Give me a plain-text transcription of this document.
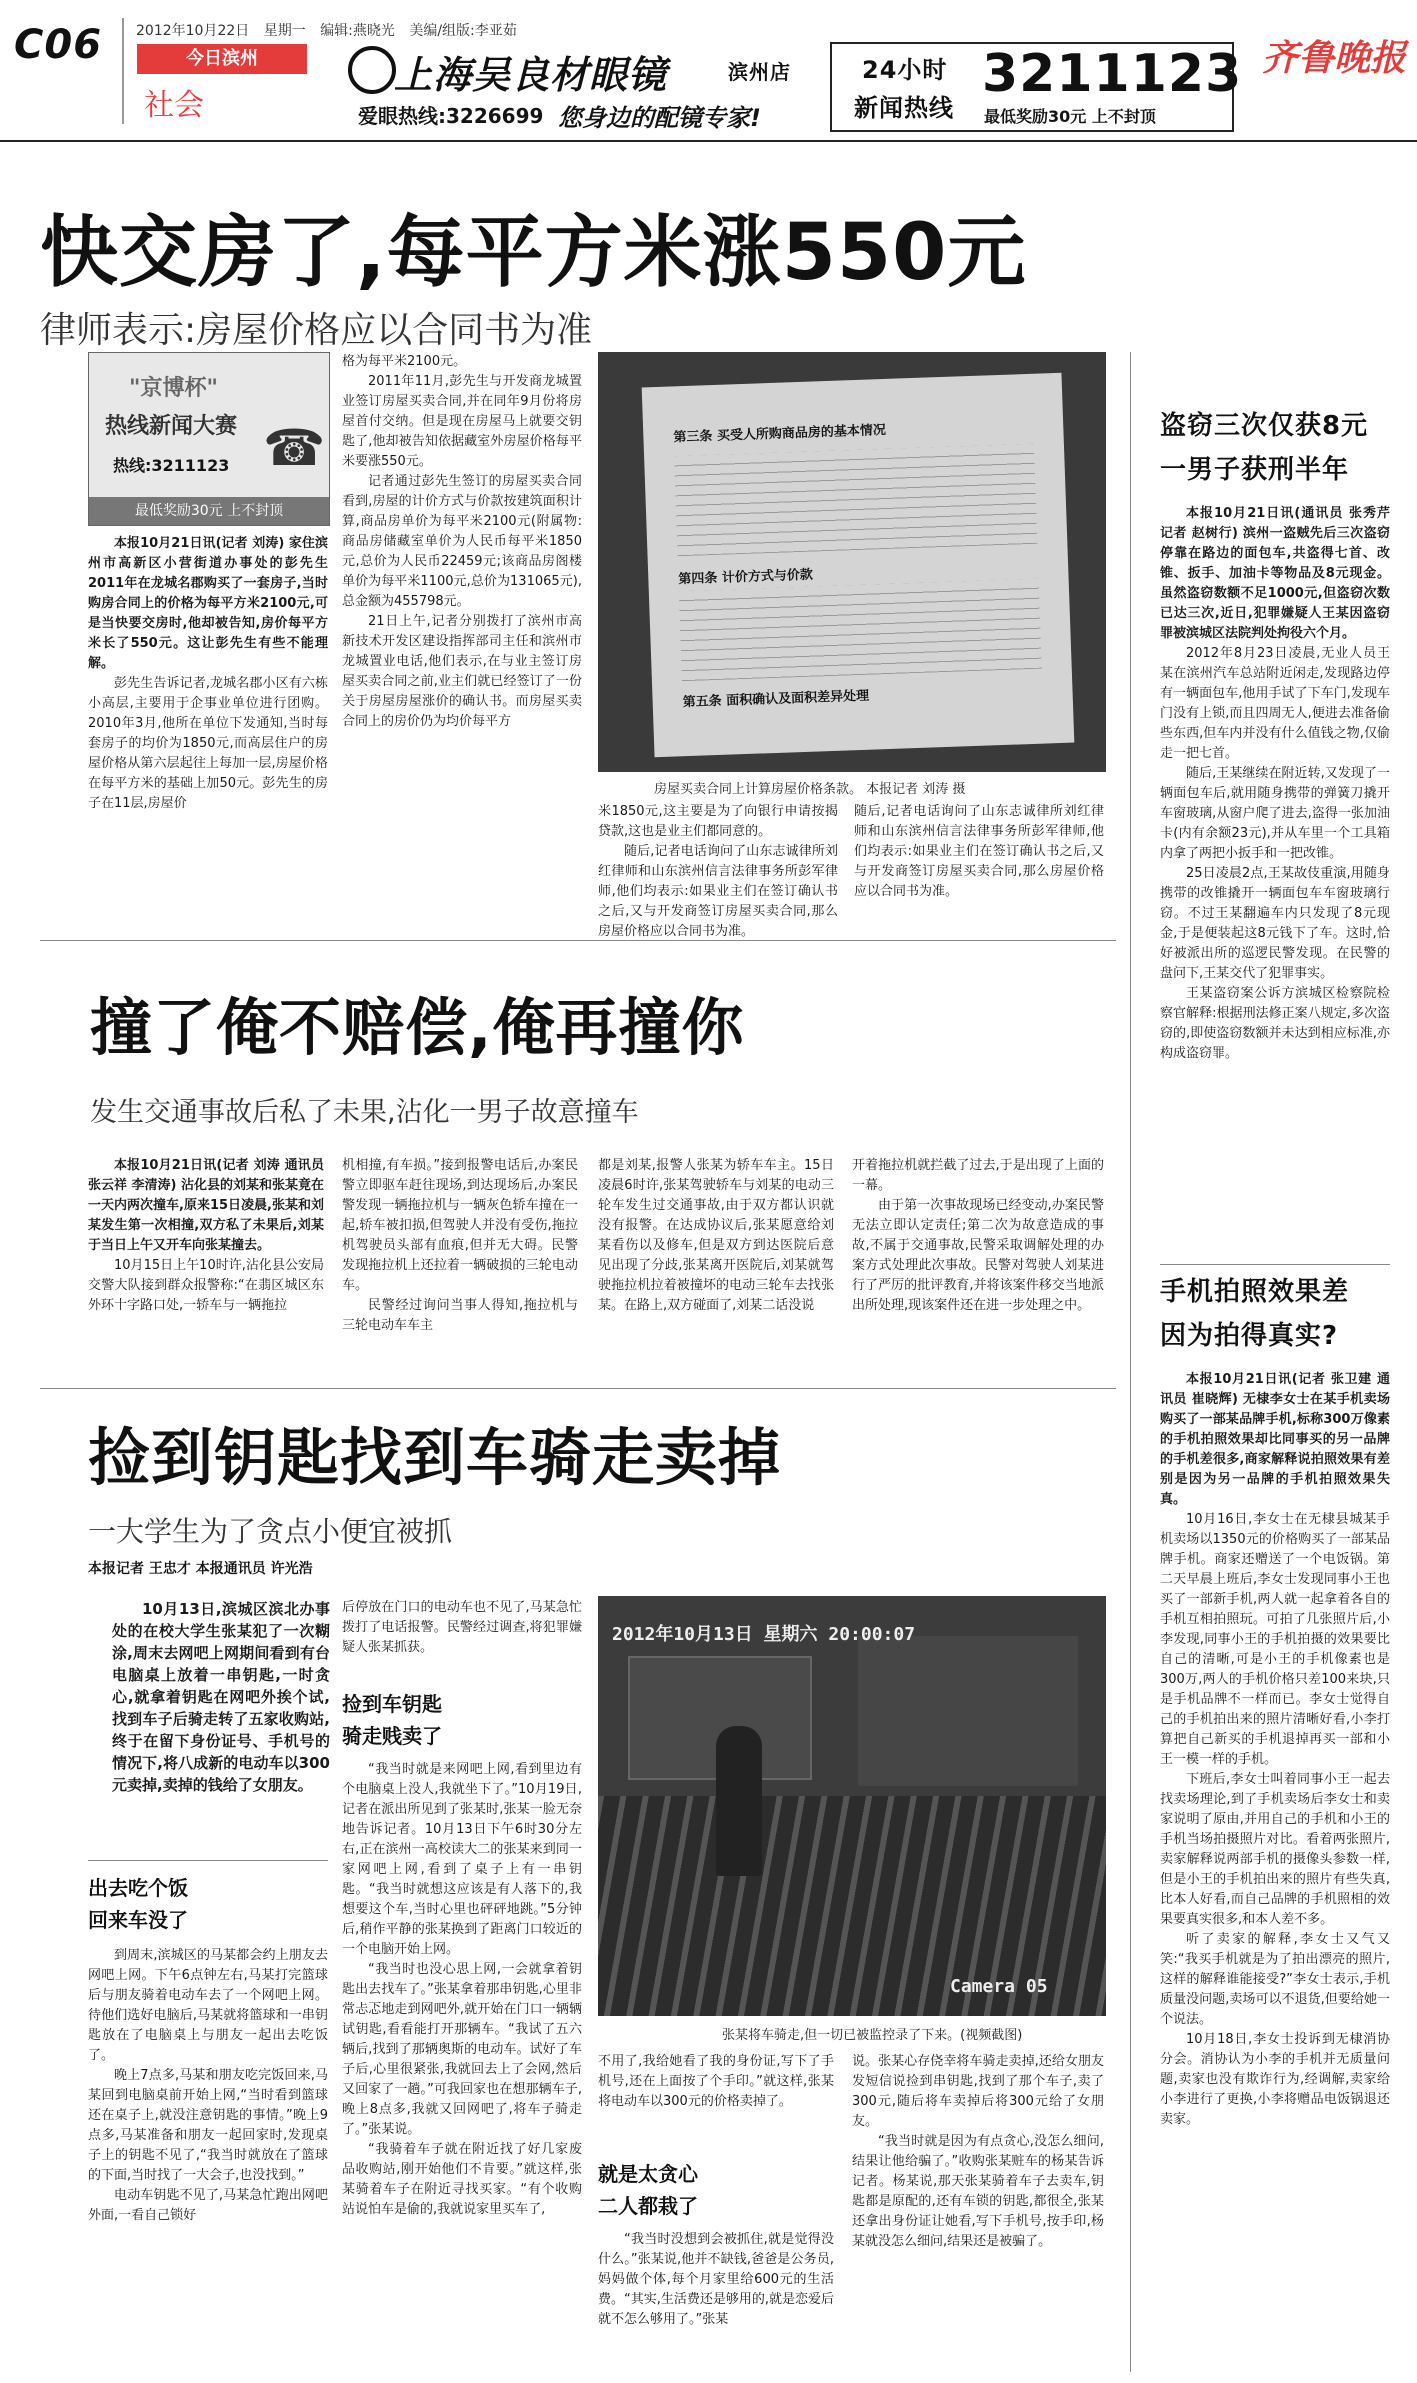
C06 2012年10月22日 星期一 编辑:燕晓光 美编/组版:李亚茹
今日滨州
社会
上海吴良材眼镜	滨州店
爱眼热线:3226699 您身边的配镜专家!
24小时
新闻热线
3211123
最低奖励30元 上不封顶
齐鲁晚报
快交房了,每平方米涨550元
律师表示:房屋价格应以合同书为准
"京博杯"
热线新闻大赛
热线:3211123 ☎
最低奖励30元 上不封顶

本报10月21日讯(记者 刘涛) 家住滨州市高新区小营街道办事处的彭先生2011年在龙城名郡购买了一套房子,当时购房合同上的价格为每平方米2100元,可是当快要交房时,他却被告知,房价每平方米长了550元。这让彭先生有些不能理解。

彭先生告诉记者,龙城名郡小区有六栋小高层,主要用于企事业单位进行团购。2010年3月,他所在单位下发通知,当时每套房子的均价为1850元,而高层住户的房屋价格从第六层起往上每加一层,房屋价格在每平方米的基础上加50元。彭先生的房子在11层,房屋价

格为每平米2100元。

2011年11月,彭先生与开发商龙城置业签订房屋买卖合同,并在同年9月份将房屋首付交纳。但是现在房屋马上就要交钥匙了,他却被告知依据藏室外房屋价格每平米要涨550元。

记者通过彭先生签订的房屋买卖合同看到,房屋的计价方式与价款按建筑面积计算,商品房单价为每平米2100元(附属物:商品房储藏室单价为人民币每平米1850元,总价为人民币22459元;该商品房阁楼单价为每平米1100元,总价为131065元),总金额为455798元。

21日上午,记者分别拨打了滨州市高新技术开发区建设指挥部司主任和滨州市龙城置业电话,他们表示,在与业主签订房屋买卖合同之前,业主们就已经签订了一份关于房屋房屋涨价的确认书。而房屋买卖合同上的房价仍为均价每平方

第三条 买受人所购商品房的基本情况
第四条 计价方式与价款
第五条 面积确认及面积差异处理
房屋买卖合同上计算房屋价格条款。 本报记者 刘涛 摄

米1850元,这主要是为了向银行申请按揭贷款,这也是业主们都同意的。

随后,记者电话询问了山东志诚律所刘红律师和山东滨州信言法律事务所彭军律师,他们均表示:如果业主们在签订确认书之后,又与开发商签订房屋买卖合同,那么房屋价格应以合同书为准。

随后,记者电话询问了山东志诚律所刘红律师和山东滨州信言法律事务所彭军律师,他们均表示:如果业主们在签订确认书之后,又与开发商签订房屋买卖合同,那么房屋价格应以合同书为准。

撞了俺不赔偿,俺再撞你
发生交通事故后私了未果,沾化一男子故意撞车

本报10月21日讯(记者 刘涛 通讯员 张云祥 李清涛) 沾化县的刘某和张某竟在一天内两次撞车,原来15日凌晨,张某和刘某发生第一次相撞,双方私了未果后,刘某于当日上午又开车向张某撞去。

10月15日上午10时许,沾化县公安局交警大队接到群众报警称:“在翡区城区东外环十字路口处,一轿车与一辆拖拉

机相撞,有车损。”接到报警电话后,办案民警立即驱车赶往现场,到达现场后,办案民警发现一辆拖拉机与一辆灰色轿车撞在一起,轿车被扣损,但驾驶人并没有受伤,拖拉机驾驶员头部有血痕,但并无大碍。民警发现拖拉机上还拉着一辆破损的三轮电动车。

民警经过询问当事人得知,拖拉机与三轮电动车车主

都是刘某,报警人张某为轿车车主。15日凌晨6时许,张某驾驶轿车与刘某的电动三轮车发生过交通事故,由于双方都认识就没有报警。在达成协议后,张某愿意给刘某看伤以及修车,但是双方到达医院后意见出现了分歧,张某离开医院后,刘某就驾驶拖拉机拉着被撞坏的电动三轮车去找张某。在路上,双方碰面了,刘某二话没说

开着拖拉机就拦截了过去,于是出现了上面的一幕。

由于第一次事故现场已经变动,办案民警无法立即认定责任;第二次为故意造成的事故,不属于交通事故,民警采取调解处理的办案方式处理此次事故。民警对驾驶人刘某进行了严厉的批评教育,并将该案件移交当地派出所处理,现该案件还在进一步处理之中。

捡到钥匙找到车骑走卖掉
一大学生为了贪点小便宜被抓
本报记者 王忠才 本报通讯员 许光浩

10月13日,滨城区滨北办事处的在校大学生张某犯了一次糊涂,周末去网吧上网期间看到有台电脑桌上放着一串钥匙,一时贪心,就拿着钥匙在网吧外挨个试,找到车子后骑走转了五家收购站,终于在留下身份证号、手机号的情况下,将八成新的电动车以300元卖掉,卖掉的钱给了女朋友。

出去吃个饭
回来车没了

到周末,滨城区的马某都会约上朋友去网吧上网。下午6点钟左右,马某打完篮球后与朋友骑着电动车去了一个网吧上网。待他们选好电脑后,马某就将篮球和一串钥匙放在了电脑桌上与朋友一起出去吃饭了。

晚上7点多,马某和朋友吃完饭回来,马某回到电脑桌前开始上网,“当时看到篮球还在桌子上,就没注意钥匙的事情。”晚上9点多,马某准备和朋友一起回家时,发现桌子上的钥匙不见了,“我当时就放在了篮球的下面,当时找了一大会子,也没找到。”

电动车钥匙不见了,马某急忙跑出网吧外面,一看自己锁好

后停放在门口的电动车也不见了,马某急忙拨打了电话报警。民警经过调查,将犯罪嫌疑人张某抓获。

捡到车钥匙
骑走贱卖了

“我当时就是来网吧上网,看到里边有个电脑桌上没人,我就坐下了。”10月19日,记者在派出所见到了张某时,张某一脸无奈地告诉记者。10月13日下午6时30分左右,正在滨州一高校读大二的张某来到同一家网吧上网,看到了桌子上有一串钥匙。“我当时就想这应该是有人落下的,我想要这个车,当时心里也砰砰地跳。”5分钟后,稍作平静的张某换到了距离门口较近的一个电脑开始上网。

“我当时也没心思上网,一会就拿着钥匙出去找车了。”张某拿着那串钥匙,心里非常忐忑地走到网吧外,就开始在门口一辆辆试钥匙,看看能打开那辆车。“我试了五六辆后,找到了那辆奥斯的电动车。试好了车子后,心里很紧张,我就回去上了会网,然后又回家了一趟。”可我回家也在想那辆车子,晚上8点多,我就又回网吧了,将车子骑走了。”张某说。

“我骑着车子就在附近找了好几家废品收购站,刚开始他们不肯要。”就这样,张某骑着车子在附近寻找买家。“有个收购站说怕车是偷的,我就说家里买车了,

2012年10月13日 星期六 20:00:07
Camera 05
张某将车骑走,但一切已被监控录了下来。(视频截图)

不用了,我给她看了我的身份证,写下了手机号,还在上面按了个手印。”就这样,张某将电动车以300元的价格卖掉了。

就是太贪心
二人都栽了

“我当时没想到会被抓住,就是觉得没什么。”张某说,他并不缺钱,爸爸是公务员,妈妈做个体,每个月家里给600元的生活费。“其实,生活费还是够用的,就是恋爱后就不怎么够用了。”张某

说。张某心存侥幸将车骑走卖掉,还给女朋友发短信说捡到串钥匙,找到了那个车子,卖了300元,随后将车卖掉后将300元给了女朋友。

“我当时就是因为有点贪心,没怎么细问,结果让他给骗了。”收购张某赃车的杨某告诉记者。杨某说,那天张某骑着车子去卖车,钥匙都是原配的,还有车锁的钥匙,都很全,张某还拿出身份证让她看,写下手机号,按手印,杨某就没怎么细问,结果还是被骗了。

盗窃三次仅获8元
一男子获刑半年

本报10月21日讯(通讯员 张秀芹 记者 赵树行) 滨州一盗贼先后三次盗窃停靠在路边的面包车,共盗得七首、改锥、扳手、加油卡等物品及8元现金。虽然盗窃数额不足1000元,但盗窃次数已达三次,近日,犯罪嫌疑人王某因盗窃罪被滨城区法院判处拘役六个月。

2012年8月23日凌晨,无业人员王某在滨州汽车总站附近闲走,发现路边停有一辆面包车,他用手试了下车门,发现车门没有上锁,而且四周无人,便进去准备偷些东西,但车内并没有什么值钱之物,仅偷走一把七首。

随后,王某继续在附近转,又发现了一辆面包车后,就用随身携带的弹簧刀撬开车窗玻璃,从窗户爬了进去,盗得一张加油卡(内有余额23元),并从车里一个工具箱内拿了两把小扳手和一把改锥。

25日凌晨2点,王某故伎重演,用随身携带的改锥撬开一辆面包车车窗玻璃行窃。不过王某翻遍车内只发现了8元现金,于是便装起这8元钱下了车。这时,恰好被派出所的巡逻民警发现。在民警的盘问下,王某交代了犯罪事实。

王某盗窃案公诉方滨城区检察院检察官解释:根据刑法修正案八规定,多次盗窃的,即使盗窃数额并未达到相应标准,亦构成盗窃罪。

手机拍照效果差
因为拍得真实?

本报10月21日讯(记者 张卫建 通讯员 崔晓辉) 无棣李女士在某手机卖场购买了一部某品牌手机,标称300万像素的手机拍照效果却比同事买的另一品牌的手机差很多,商家解释说拍照效果有差别是因为另一品牌的手机拍照效果失真。

10月16日,李女士在无棣县城某手机卖场以1350元的价格购买了一部某品牌手机。商家还赠送了一个电饭锅。第二天早晨上班后,李女士发现同事小王也买了一部新手机,两人就一起拿着各自的手机互相拍照玩。可拍了几张照片后,小李发现,同事小王的手机拍摄的效果要比自己的清晰,可是小王的手机像素也是300万,两人的手机价格只差100来块,只是手机品牌不一样而已。李女士觉得自己的手机拍出来的照片清晰好看,小李打算把自己新买的手机退掉再买一部和小王一模一样的手机。

下班后,李女士叫着同事小王一起去找卖场理论,到了手机卖场后李女士和卖家说明了原由,并用自己的手机和小王的手机当场拍摄照片对比。看着两张照片,卖家解释说两部手机的摄像头参数一样,但是小王的手机拍出来的照片有些失真,比本人好看,而自己品牌的手机照相的效果要真实很多,和本人差不多。

听了卖家的解释,李女士又气又笑:“我买手机就是为了拍出漂亮的照片,这样的解释谁能接受?”李女士表示,手机质量没问题,卖场可以不退货,但要给她一个说法。

10月18日,李女士投诉到无棣消协分会。消协认为小李的手机并无质量问题,卖家也没有欺诈行为,经调解,卖家给小李进行了更换,小李将赠品电饭锅退还卖家。
